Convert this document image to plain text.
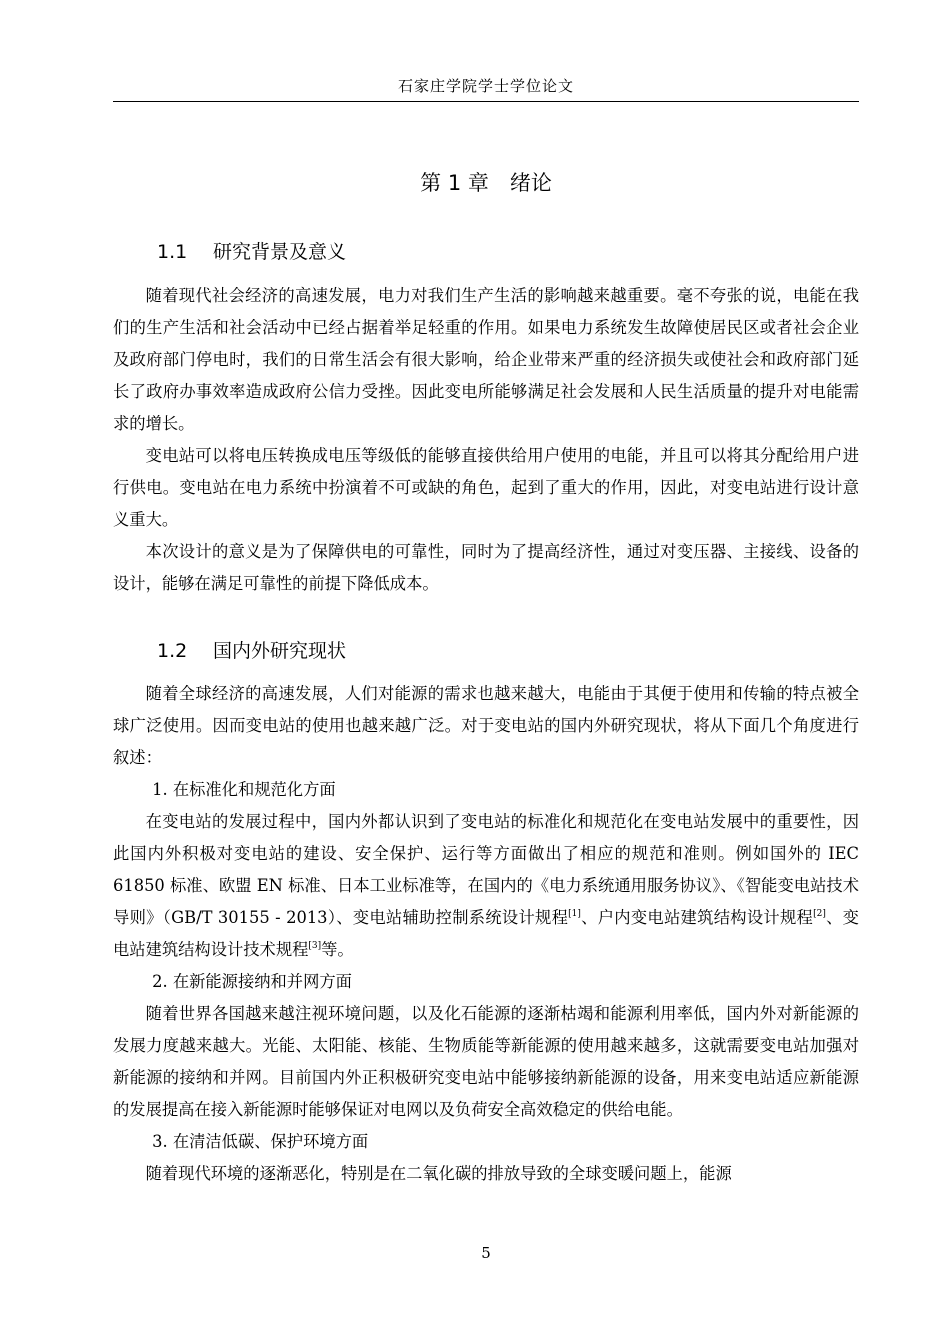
石家庄学院学士学位论文
第 1 章　绪论
1.1 研究背景及意义

随着现代社会经济的高速发展，电力对我们生产生活的影响越来越重要。毫不夸张的说，电能在我们的生产生活和社会活动中已经占据着举足轻重的作用。如果电力系统发生故障使居民区或者社会企业及政府部门停电时，我们的日常生活会有很大影响，给企业带来严重的经济损失或使社会和政府部门延长了政府办事效率造成政府公信力受挫。因此变电所能够满足社会发展和人民生活质量的提升对电能需求的增长。

变电站可以将电压转换成电压等级低的能够直接供给用户使用的电能，并且可以将其分配给用户进行供电。变电站在电力系统中扮演着不可或缺的角色，起到了重大的作用，因此，对变电站进行设计意义重大。

本次设计的意义是为了保障供电的可靠性，同时为了提高经济性，通过对变压器、主接线、设备的设计，能够在满足可靠性的前提下降低成本。

1.2 国内外研究现状

随着全球经济的高速发展，人们对能源的需求也越来越大，电能由于其便于使用和传输的特点被全球广泛使用。因而变电站的使用也越来越广泛。对于变电站的国内外研究现状，将从下面几个角度进行叙述：

1. 在标准化和规范化方面

在变电站的发展过程中，国内外都认识到了变电站的标准化和规范化在变电站发展中的重要性，因此国内外积极对变电站的建设、安全保护、运行等方面做出了相应的规范和准则。例如国外的 IEC 61850 标准、欧盟 EN 标准、日本工业标准等，在国内的《电力系统通用服务协议》、《智能变电站技术导则》（GB/T 30155 - 2013）、变电站辅助控制系统设计规程[1]、户内变电站建筑结构设计规程[2]、变电站建筑结构设计技术规程[3]等。

2. 在新能源接纳和并网方面

随着世界各国越来越注视环境问题，以及化石能源的逐渐枯竭和能源利用率低，国内外对新能源的发展力度越来越大。光能、太阳能、核能、生物质能等新能源的使用越来越多，这就需要变电站加强对新能源的接纳和并网。目前国内外正积极研究变电站中能够接纳新能源的设备，用来变电站适应新能源的发展提高在接入新能源时能够保证对电网以及负荷安全高效稳定的供给电能。

3. 在清洁低碳、保护环境方面

随着现代环境的逐渐恶化，特别是在二氧化碳的排放导致的全球变暖问题上，能源

5
